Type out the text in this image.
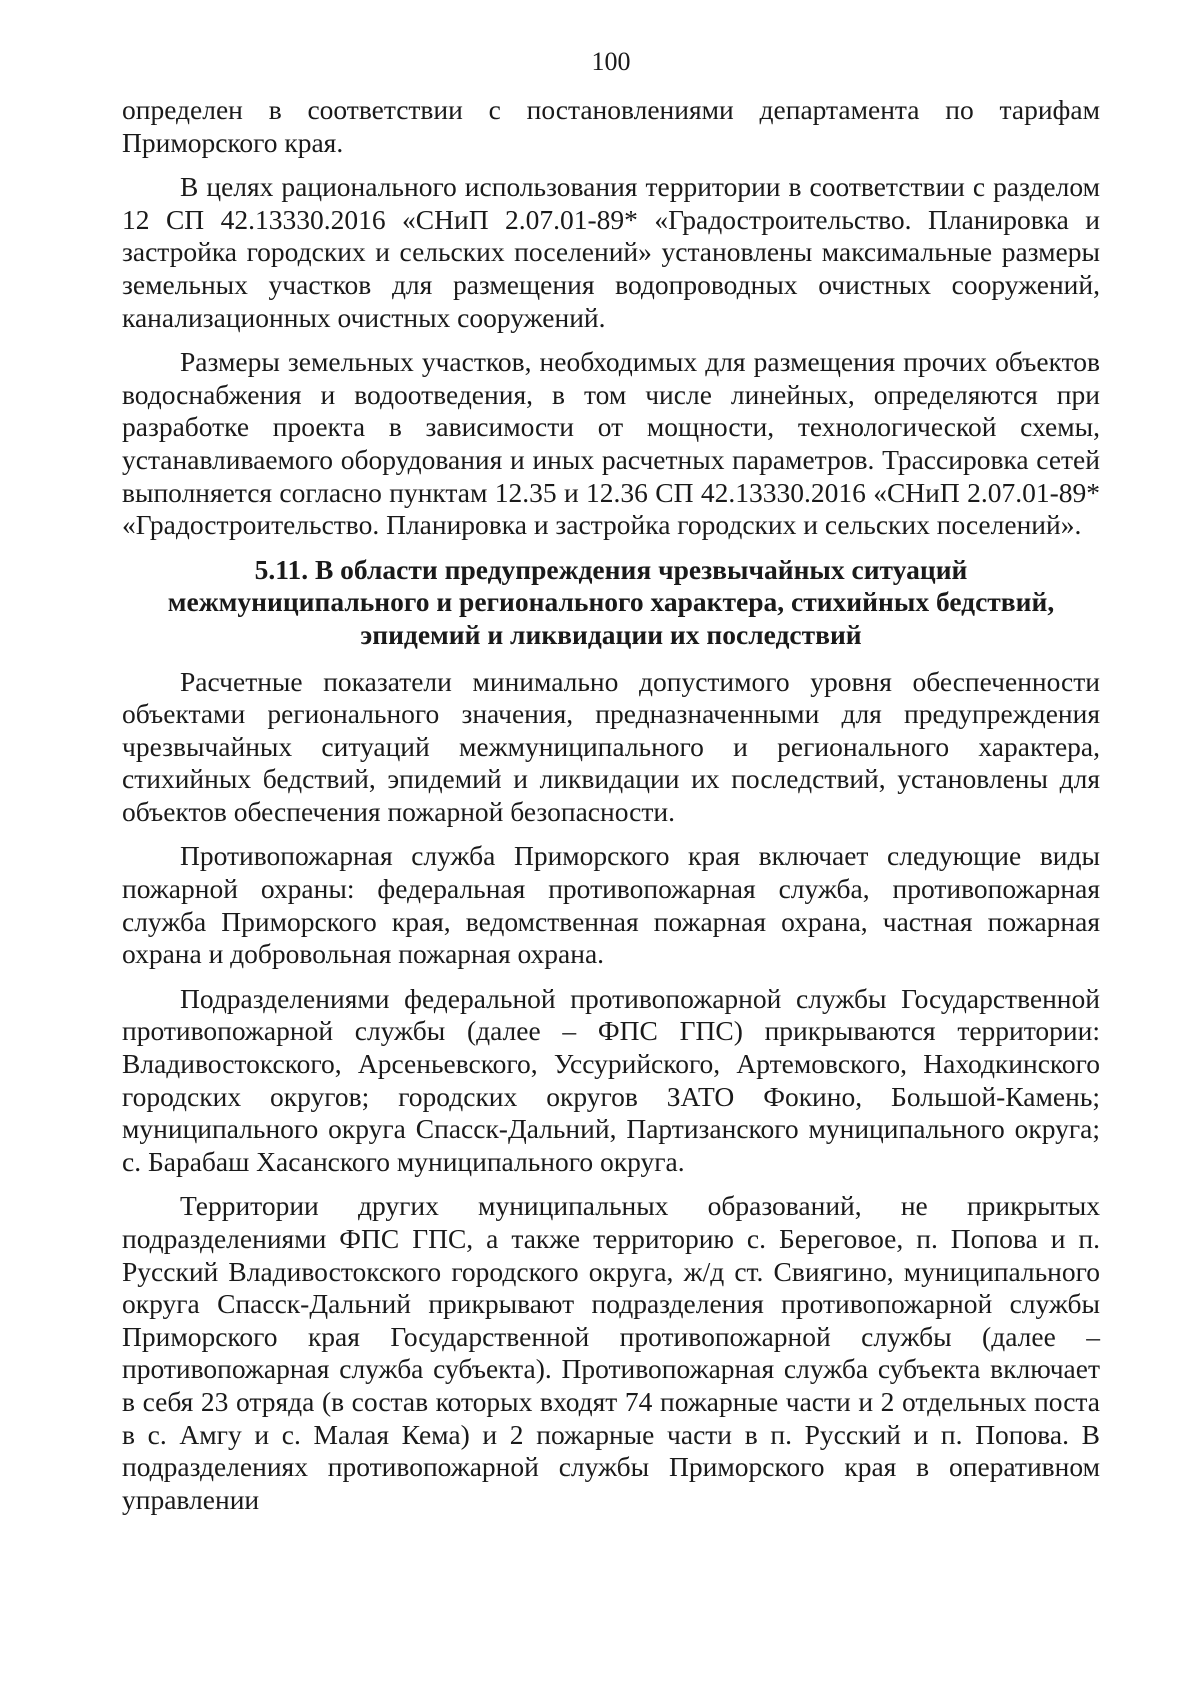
100

определен в соответствии с постановлениями департамента по тарифам Приморского края.

В целях рационального использования территории в соответствии с разделом 12 СП 42.13330.2016 «СНиП 2.07.01-89* «Градостроительство. Планировка и застройка городских и сельских поселений» установлены максимальные размеры земельных участков для размещения водопроводных очистных сооружений, канализационных очистных сооружений.

Размеры земельных участков, необходимых для размещения прочих объектов водоснабжения и водоотведения, в том числе линейных, определяются при разработке проекта в зависимости от мощности, технологической схемы, устанавливаемого оборудования и иных расчетных параметров. Трассировка сетей выполняется согласно пунктам 12.35 и 12.36 СП 42.13330.2016 «СНиП 2.07.01-89* «Градостроительство. Планировка и застройка городских и сельских поселений».

5.11. В области предупреждения чрезвычайных ситуаций межмуниципального и регионального характера, стихийных бедствий, эпидемий и ликвидации их последствий

Расчетные показатели минимально допустимого уровня обеспеченности объектами регионального значения, предназначенными для предупреждения чрезвычайных ситуаций межмуниципального и регионального характера, стихийных бедствий, эпидемий и ликвидации их последствий, установлены для объектов обеспечения пожарной безопасности.

Противопожарная служба Приморского края включает следующие виды пожарной охраны: федеральная противопожарная служба, противопожарная служба Приморского края, ведомственная пожарная охрана, частная пожарная охрана и добровольная пожарная охрана.

Подразделениями федеральной противопожарной службы Государственной противопожарной службы (далее – ФПС ГПС) прикрываются территории: Владивостокского, Арсеньевского, Уссурийского, Артемовского, Находкинского городских округов; городских округов ЗАТО Фокино, Большой-Камень; муниципального округа Спасск-Дальний, Партизанского муниципального округа; с. Барабаш Хасанского муниципального округа.

Территории других муниципальных образований, не прикрытых подразделениями ФПС ГПС, а также территорию с. Береговое, п. Попова и п. Русский Владивостокского городского округа, ж/д ст. Свиягино, муниципального округа Спасск-Дальний прикрывают подразделения противопожарной службы Приморского края Государственной противопожарной службы (далее – противопожарная служба субъекта). Противопожарная служба субъекта включает в себя 23 отряда (в состав которых входят 74 пожарные части и 2 отдельных поста в с. Амгу и с. Малая Кема) и 2 пожарные части в п. Русский и п. Попова. В подразделениях противопожарной службы Приморского края в оперативном управлении
